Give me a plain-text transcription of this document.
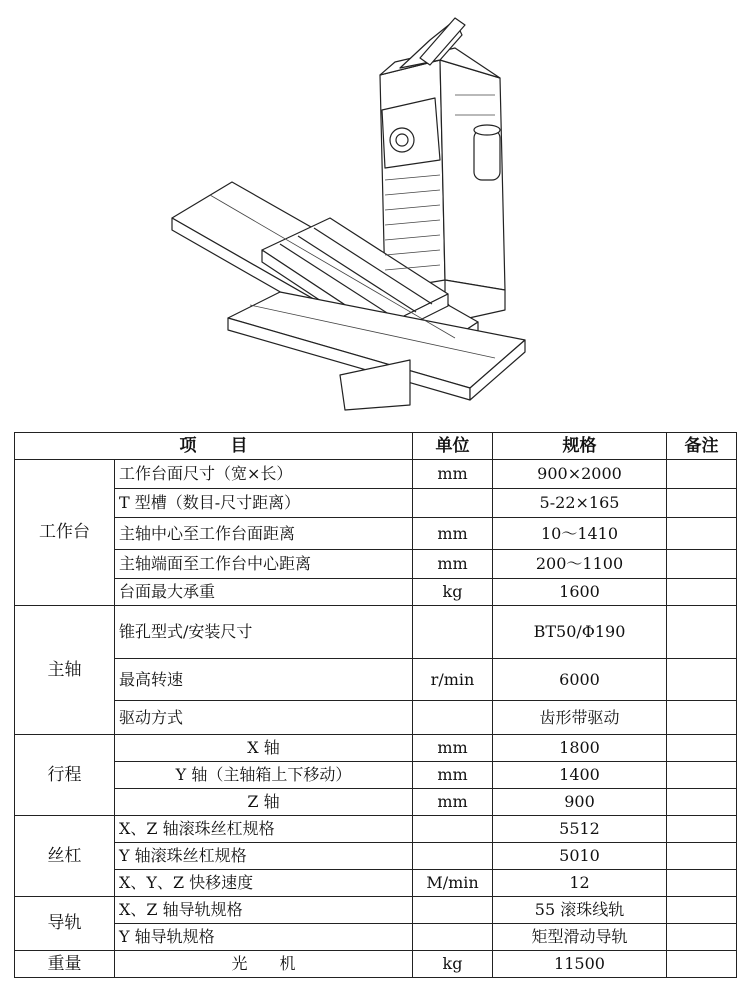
项　　目		单位	规格	备注
工作台	工作台面尺寸（宽×长）	mm	900×2000	
	T 型槽（数目-尺寸距离）		5-22×165	
	主轴中心至工作台面距离	mm	10～1410	
	主轴端面至工作台中心距离	mm	200～1100	
	台面最大承重	kg	1600	
主轴	锥孔型式/安装尺寸		BT50/Φ190	
	最高转速	r/min	6000	
	驱动方式		齿形带驱动	
行程	X 轴	mm	1800	
	Y 轴（主轴箱上下移动）	mm	1400	
	Z 轴	mm	900	
丝杠	X、Z 轴滚珠丝杠规格		5512	
	Y 轴滚珠丝杠规格		5010	
	X、Y、Z 快移速度	M/min	12	
导轨	X、Z 轴导轨规格		55 滚珠线轨	
	Y 轴导轨规格		矩型滑动导轨	
重量	光　　机	kg	11500	
